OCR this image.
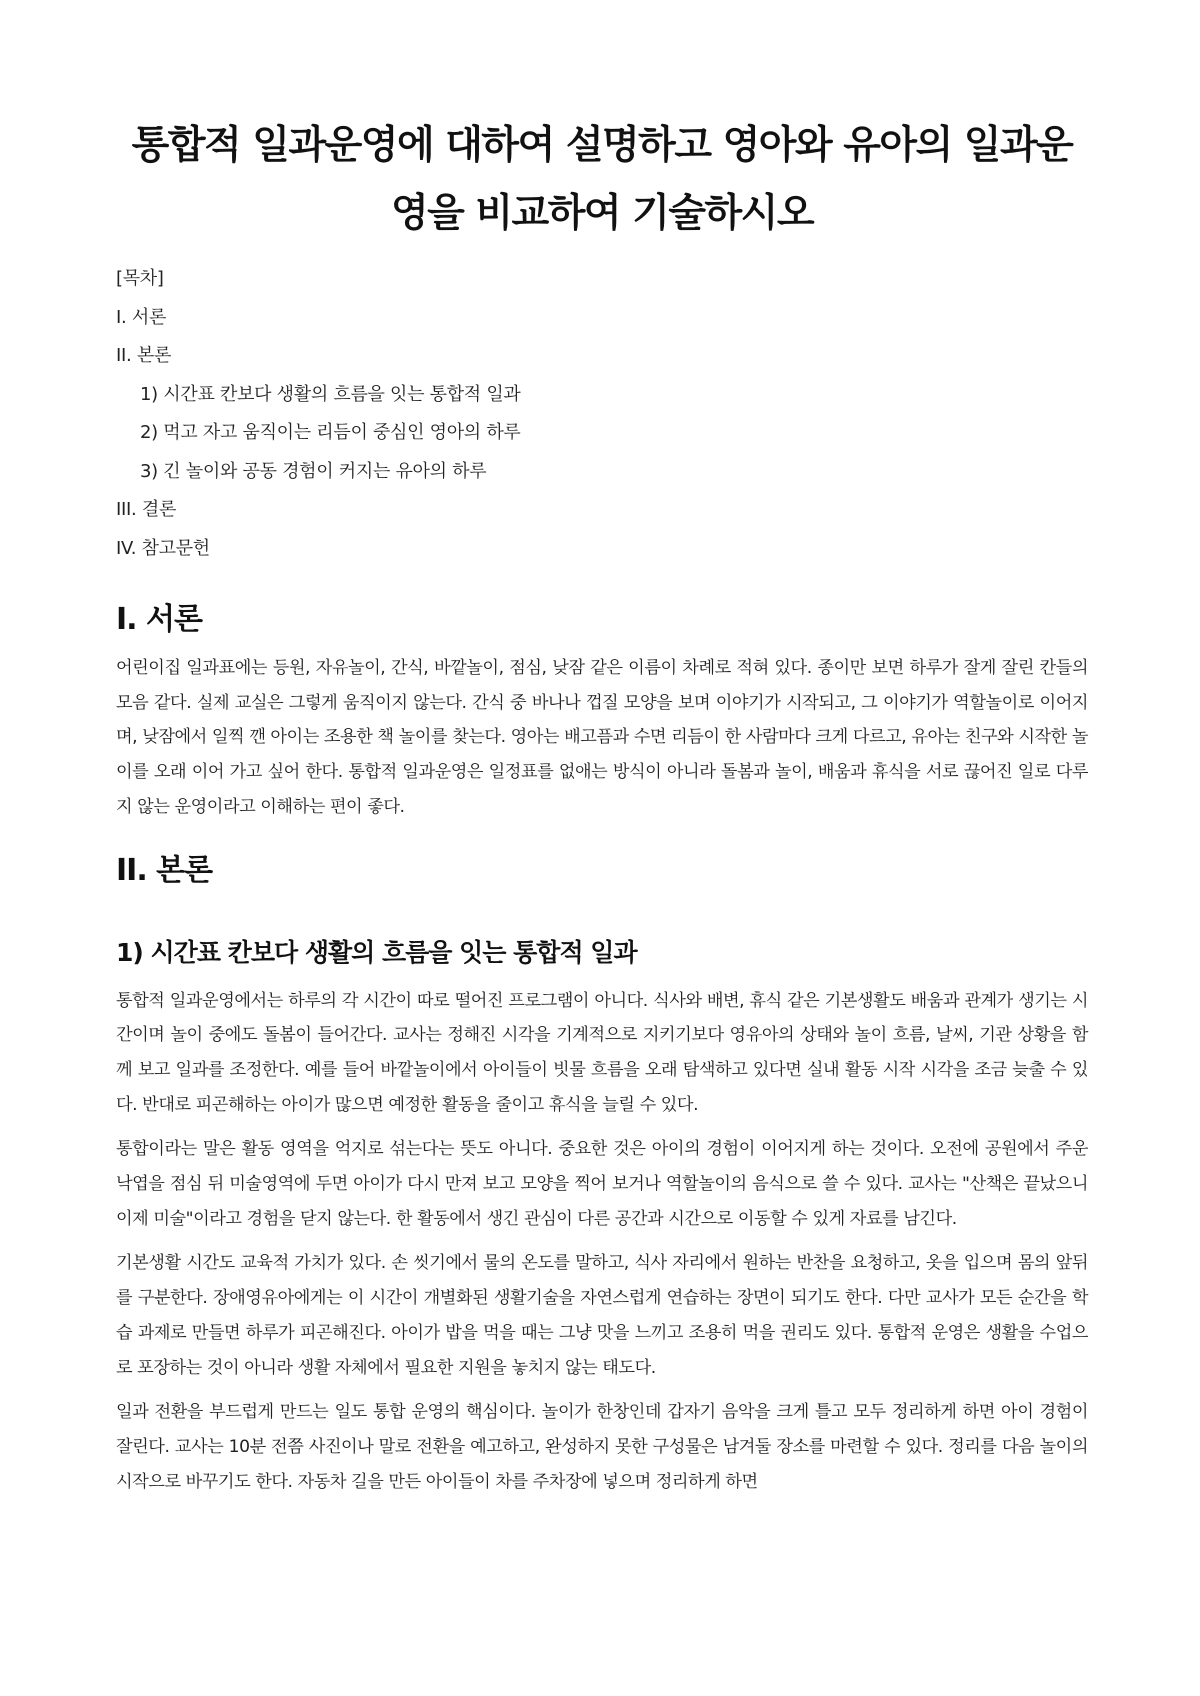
통합적 일과운영에 대하여 설명하고 영아와 유아의 일과운영을 비교하여 기술하시오
[목차]
I. 서론
II. 본론
1) 시간표 칸보다 생활의 흐름을 잇는 통합적 일과
2) 먹고 자고 움직이는 리듬이 중심인 영아의 하루
3) 긴 놀이와 공동 경험이 커지는 유아의 하루
III. 결론
IV. 참고문헌
I. 서론

어린이집 일과표에는 등원, 자유놀이, 간식, 바깥놀이, 점심, 낮잠 같은 이름이 차례로 적혀 있다. 종이만 보면 하루가 잘게 잘린 칸들의 모음 같다. 실제 교실은 그렇게 움직이지 않는다. 간식 중 바나나 껍질 모양을 보며 이야기가 시작되고, 그 이야기가 역할놀이로 이어지며, 낮잠에서 일찍 깬 아이는 조용한 책 놀이를 찾는다. 영아는 배고픔과 수면 리듬이 한 사람마다 크게 다르고, 유아는 친구와 시작한 놀이를 오래 이어 가고 싶어 한다. 통합적 일과운영은 일정표를 없애는 방식이 아니라 돌봄과 놀이, 배움과 휴식을 서로 끊어진 일로 다루지 않는 운영이라고 이해하는 편이 좋다.

II. 본론
1) 시간표 칸보다 생활의 흐름을 잇는 통합적 일과

통합적 일과운영에서는 하루의 각 시간이 따로 떨어진 프로그램이 아니다. 식사와 배변, 휴식 같은 기본생활도 배움과 관계가 생기는 시간이며 놀이 중에도 돌봄이 들어간다. 교사는 정해진 시각을 기계적으로 지키기보다 영유아의 상태와 놀이 흐름, 날씨, 기관 상황을 함께 보고 일과를 조정한다. 예를 들어 바깥놀이에서 아이들이 빗물 흐름을 오래 탐색하고 있다면 실내 활동 시작 시각을 조금 늦출 수 있다. 반대로 피곤해하는 아이가 많으면 예정한 활동을 줄이고 휴식을 늘릴 수 있다.

통합이라는 말은 활동 영역을 억지로 섞는다는 뜻도 아니다. 중요한 것은 아이의 경험이 이어지게 하는 것이다. 오전에 공원에서 주운 낙엽을 점심 뒤 미술영역에 두면 아이가 다시 만져 보고 모양을 찍어 보거나 역할놀이의 음식으로 쓸 수 있다. 교사는 "산책은 끝났으니 이제 미술"이라고 경험을 닫지 않는다. 한 활동에서 생긴 관심이 다른 공간과 시간으로 이동할 수 있게 자료를 남긴다.

기본생활 시간도 교육적 가치가 있다. 손 씻기에서 물의 온도를 말하고, 식사 자리에서 원하는 반찬을 요청하고, 옷을 입으며 몸의 앞뒤를 구분한다. 장애영유아에게는 이 시간이 개별화된 생활기술을 자연스럽게 연습하는 장면이 되기도 한다. 다만 교사가 모든 순간을 학습 과제로 만들면 하루가 피곤해진다. 아이가 밥을 먹을 때는 그냥 맛을 느끼고 조용히 먹을 권리도 있다. 통합적 운영은 생활을 수업으로 포장하는 것이 아니라 생활 자체에서 필요한 지원을 놓치지 않는 태도다.

일과 전환을 부드럽게 만드는 일도 통합 운영의 핵심이다. 놀이가 한창인데 갑자기 음악을 크게 틀고 모두 정리하게 하면 아이 경험이 잘린다. 교사는 10분 전쯤 사진이나 말로 전환을 예고하고, 완성하지 못한 구성물은 남겨둘 장소를 마련할 수 있다. 정리를 다음 놀이의 시작으로 바꾸기도 한다. 자동차 길을 만든 아이들이 차를 주차장에 넣으며 정리하게 하면
